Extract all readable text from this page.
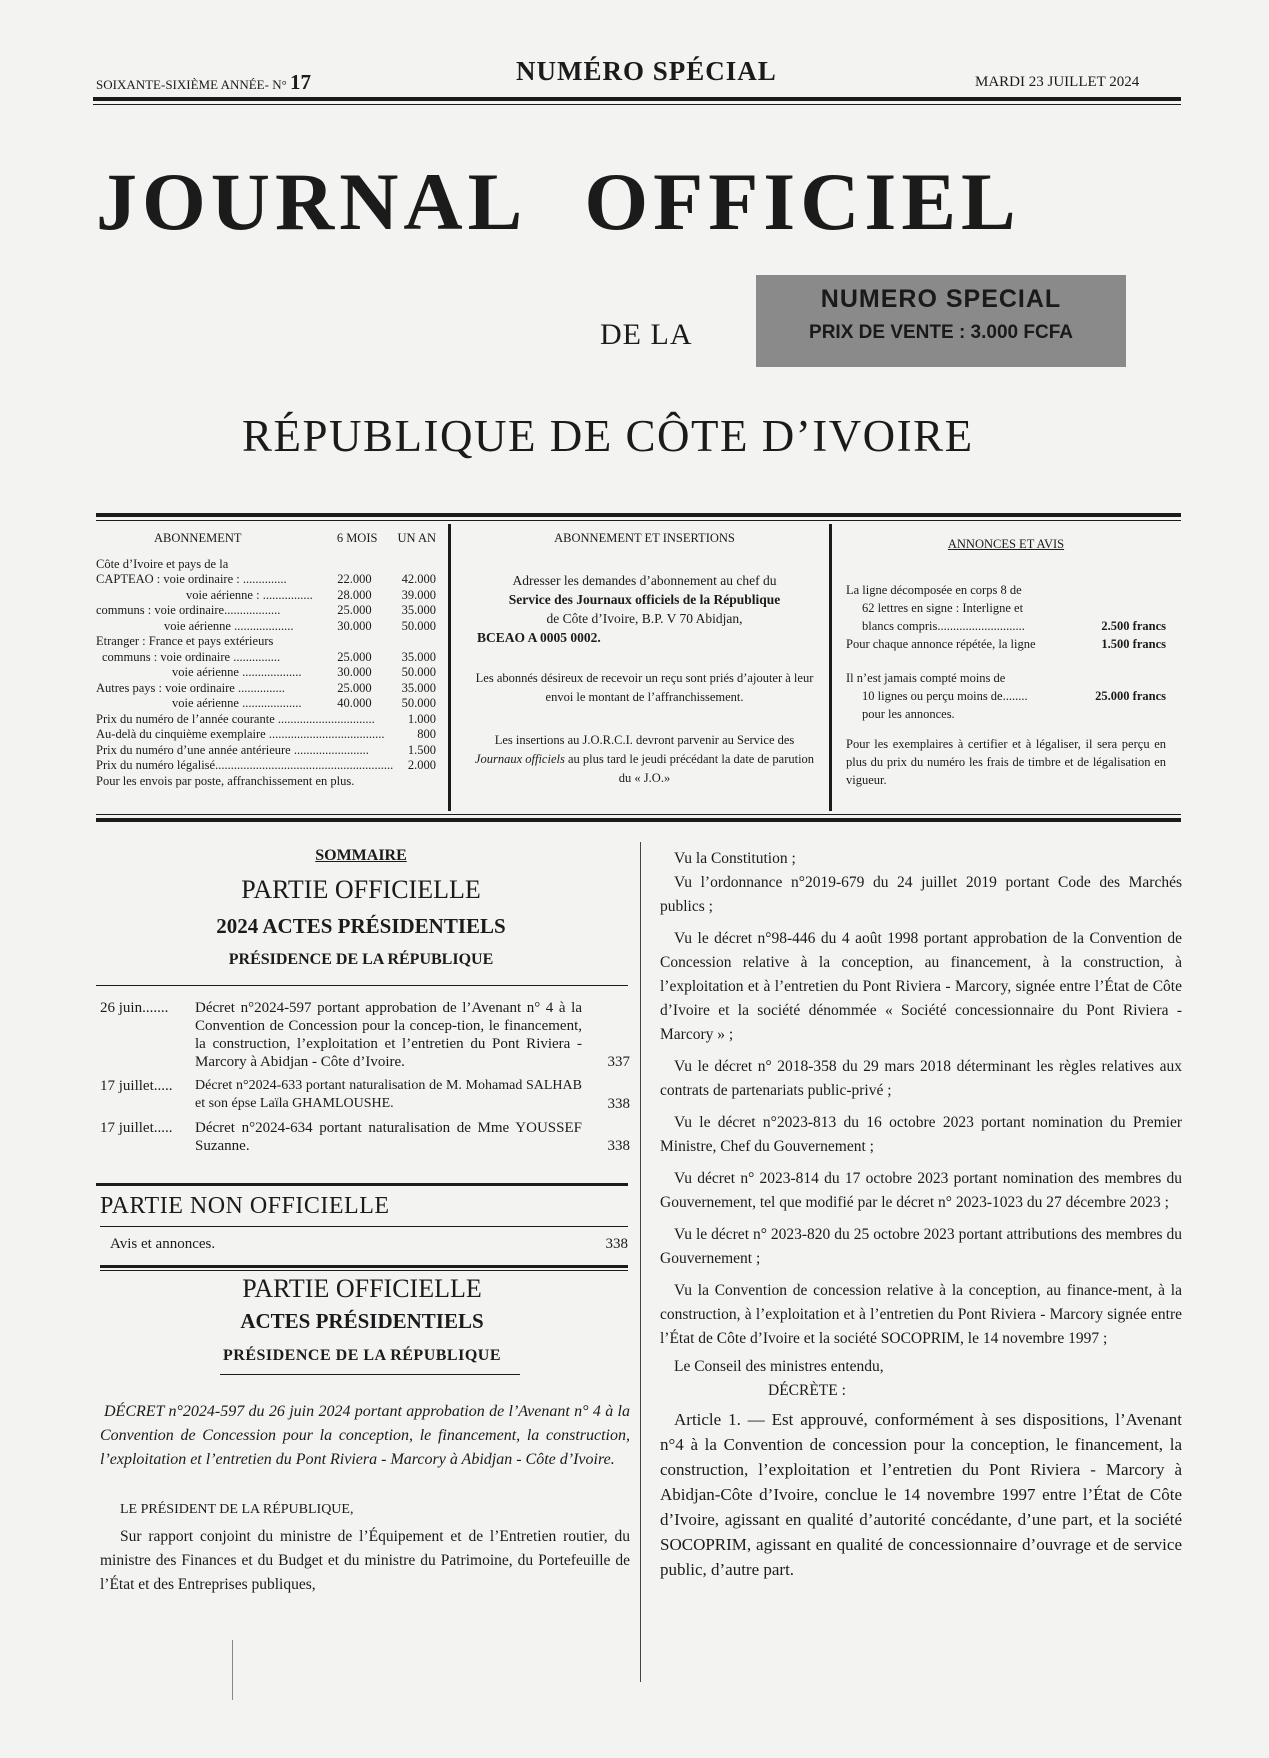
SOIXANTE-SIXIÈME ANNÉE- N° 17	NUMÉRO SPÉCIAL	MARDI 23 JUILLET 2024
JOURNAL OFFICIEL
DE LA
NUMERO SPECIAL
PRIX DE VENTE : 3.000 FCFA
RÉPUBLIQUE DE CÔTE D’IVOIRE
ABONNEMENT	6 MOIS UN AN
Côte d’Ivoire et pays de la
CAPTEAO : voie ordinaire : ..............	22.000 42.000
voie aérienne : ................ 28.000 39.000
communs : voie ordinaire..................	25.000 35.000
voie aérienne ...................	30.000 50.000
Etranger : France et pays extérieurs
communs : voie ordinaire ...............	25.000 35.000
voie aérienne ...................	30.000 50.000
Autres pays : voie ordinaire ...............	25.000 35.000
voie aérienne ...................	40.000 50.000
Prix du numéro de l’année courante ...............................	1.000
Au-delà du cinquième exemplaire .....................................	800
Prix du numéro d’une année antérieure ........................	1.500
Prix du numéro légalisé......................................................... 2.000
Pour les envois par poste, affranchissement en plus.
ABONNEMENT ET INSERTIONS
Adresser les demandes d’abonnement au chef du
Service des Journaux officiels de la République
de Côte d’Ivoire, B.P. V 70 Abidjan,
BCEAO A 0005 0002.
Les abonnés désireux de recevoir un reçu sont priés d’ajouter à leur envoi le montant de l’affranchissement.
Les insertions au J.O.R.C.I. devront parvenir au Service des Journaux officiels au plus tard le jeudi précédant la date de parution du « J.O.»
ANNONCES ET AVIS
La ligne décomposée en corps 8 de
62 lettres en signe : Interligne et
blancs compris............................	2.500 francs
Pour chaque annonce répétée, la ligne	1.500 francs
Il n’est jamais compté moins de
10 lignes ou perçu moins de........	25.000 francs
pour les annonces.
Pour les exemplaires à certifier et à légaliser, il sera perçu en plus du prix du numéro les frais de timbre et de légalisation en vigueur.
SOMMAIRE
PARTIE OFFICIELLE
2024 ACTES PRÉSIDENTIELS
PRÉSIDENCE DE LA RÉPUBLIQUE
26 juin.......	Décret n°2024-597 portant approbation de l’Avenant n° 4 à la Convention de Concession pour la concep-tion, le financement, la construction, l’exploitation et l’entretien du Pont Riviera - Marcory à Abidjan - Côte d’Ivoire.	337
17 juillet.....	Décret n°2024-633 portant naturalisation de M. Mohamad SALHAB et son épse Laïla GHAMLOUSHE.	338
17 juillet.....	Décret n°2024-634 portant naturalisation de Mme YOUSSEF Suzanne.	338
PARTIE NON OFFICIELLE
Avis et annonces.	338
PARTIE OFFICIELLE
ACTES PRÉSIDENTIELS
PRÉSIDENCE DE LA RÉPUBLIQUE
DÉCRET n°2024-597 du 26 juin 2024 portant approbation de l’Avenant n° 4 à la Convention de Concession pour la conception, le financement, la construction, l’exploitation et l’entretien du Pont Riviera - Marcory à Abidjan - Côte d’Ivoire.
LE PRÉSIDENT DE LA RÉPUBLIQUE,
Sur rapport conjoint du ministre de l’Équipement et de l’Entretien routier, du ministre des Finances et du Budget et du ministre du Patrimoine, du Portefeuille de l’État et des Entreprises publiques,

Vu la Constitution ;

Vu l’ordonnance n°2019-679 du 24 juillet 2019 portant Code des Marchés publics ;

Vu le décret n°98-446 du 4 août 1998 portant approbation de la Convention de Concession relative à la conception, au financement, à la construction, à l’exploitation et à l’entretien du Pont Riviera - Marcory, signée entre l’État de Côte d’Ivoire et la société dénommée « Société concessionnaire du Pont Riviera - Marcory » ;

Vu le décret n° 2018-358 du 29 mars 2018 déterminant les règles relatives aux contrats de partenariats public-privé ;

Vu le décret n°2023-813 du 16 octobre 2023 portant nomination du Premier Ministre, Chef du Gouvernement ;

Vu décret n° 2023-814 du 17 octobre 2023 portant nomination des membres du Gouvernement, tel que modifié par le décret n° 2023-1023 du 27 décembre 2023 ;

Vu le décret n° 2023-820 du 25 octobre 2023 portant attributions des membres du Gouvernement ;

Vu la Convention de concession relative à la conception, au finance-ment, à la construction, à l’exploitation et à l’entretien du Pont Riviera - Marcory signée entre l’État de Côte d’Ivoire et la société SOCOPRIM, le 14 novembre 1997 ;

Le Conseil des ministres entendu,

DÉCRÈTE :

Article 1. — Est approuvé, conformément à ses dispositions, l’Avenant n°4 à la Convention de concession pour la conception, le financement, la construction, l’exploitation et l’entretien du Pont Riviera - Marcory à Abidjan-Côte d’Ivoire, conclue le 14 novembre 1997 entre l’État de Côte d’Ivoire, agissant en qualité d’autorité concédante, d’une part, et la société SOCOPRIM, agissant en qualité de concessionnaire d’ouvrage et de service public, d’autre part.
